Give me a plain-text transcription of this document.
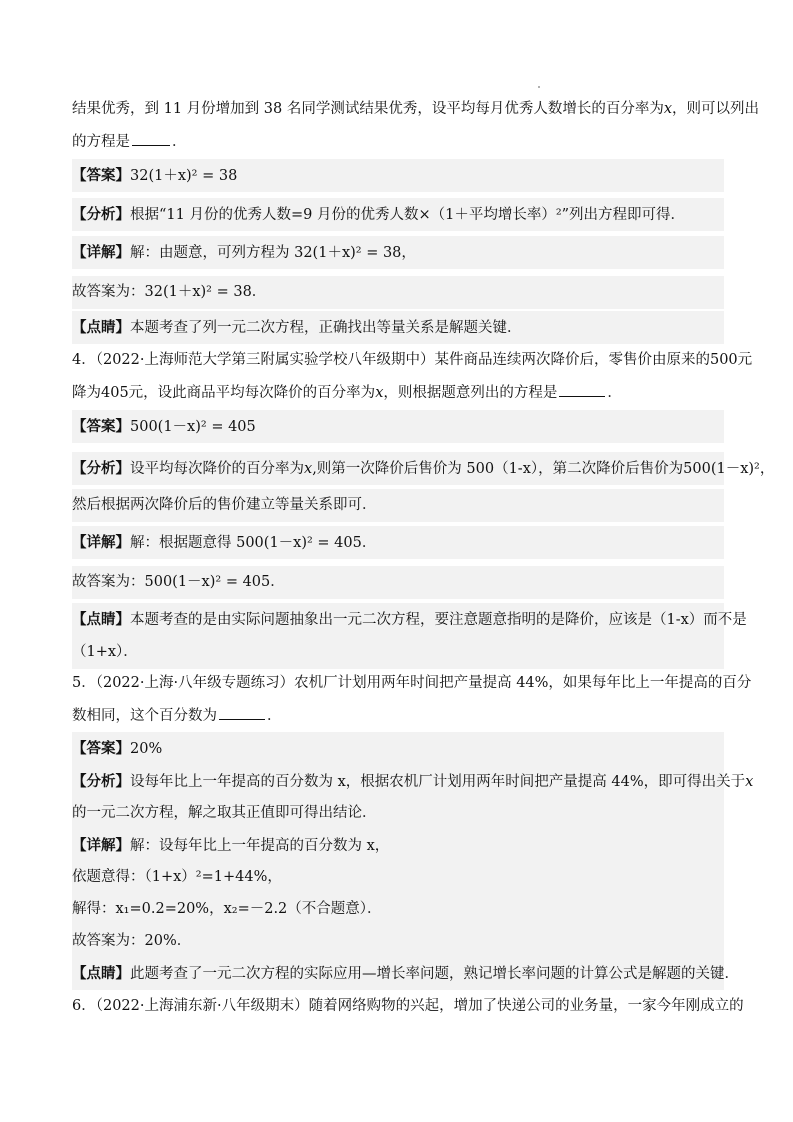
结果优秀，到 11 月份增加到 38 名同学测试结果优秀，设平均每月优秀人数增长的百分率为x，则可以列出
的方程是	．
【答案】32(1＋x)² = 38
【分析】根据“11 月份的优秀人数=9 月份的优秀人数×（1＋平均增长率）²”列出方程即可得．
【详解】解：由题意，可列方程为 32(1＋x)² = 38，
故答案为：32(1＋x)² = 38．
【点睛】本题考查了列一元二次方程，正确找出等量关系是解题关键．
4．（2022·上海师范大学第三附属实验学校八年级期中）某件商品连续两次降价后，零售价由原来的500元
降为405元，设此商品平均每次降价的百分率为x，则根据题意列出的方程是	．
【答案】500(1－x)² = 405
【分析】设平均每次降价的百分率为x,则第一次降价后售价为 500（1-x），第二次降价后售价为500(1－x)²，
然后根据两次降价后的售价建立等量关系即可．
【详解】解：根据题意得 500(1－x)² = 405．
故答案为：500(1－x)² = 405．
【点睛】本题考查的是由实际问题抽象出一元二次方程，要注意题意指明的是降价，应该是（1-x）而不是
（1+x）．
5．（2022·上海·八年级专题练习）农机厂计划用两年时间把产量提高 44%，如果每年比上一年提高的百分
数相同，这个百分数为	．
【答案】20%
【分析】设每年比上一年提高的百分数为 x，根据农机厂计划用两年时间把产量提高 44%，即可得出关于x
的一元二次方程，解之取其正值即可得出结论．
【详解】解：设每年比上一年提高的百分数为 x，
依题意得：（1+x）²=1+44%，
解得：x₁=0.2=20%，x₂=－2.2（不合题意）．
故答案为：20%．
【点睛】此题考查了一元二次方程的实际应用—增长率问题，熟记增长率问题的计算公式是解题的关键．
6．（2022·上海浦东新·八年级期末）随着网络购物的兴起，增加了快递公司的业务量，一家今年刚成立的
